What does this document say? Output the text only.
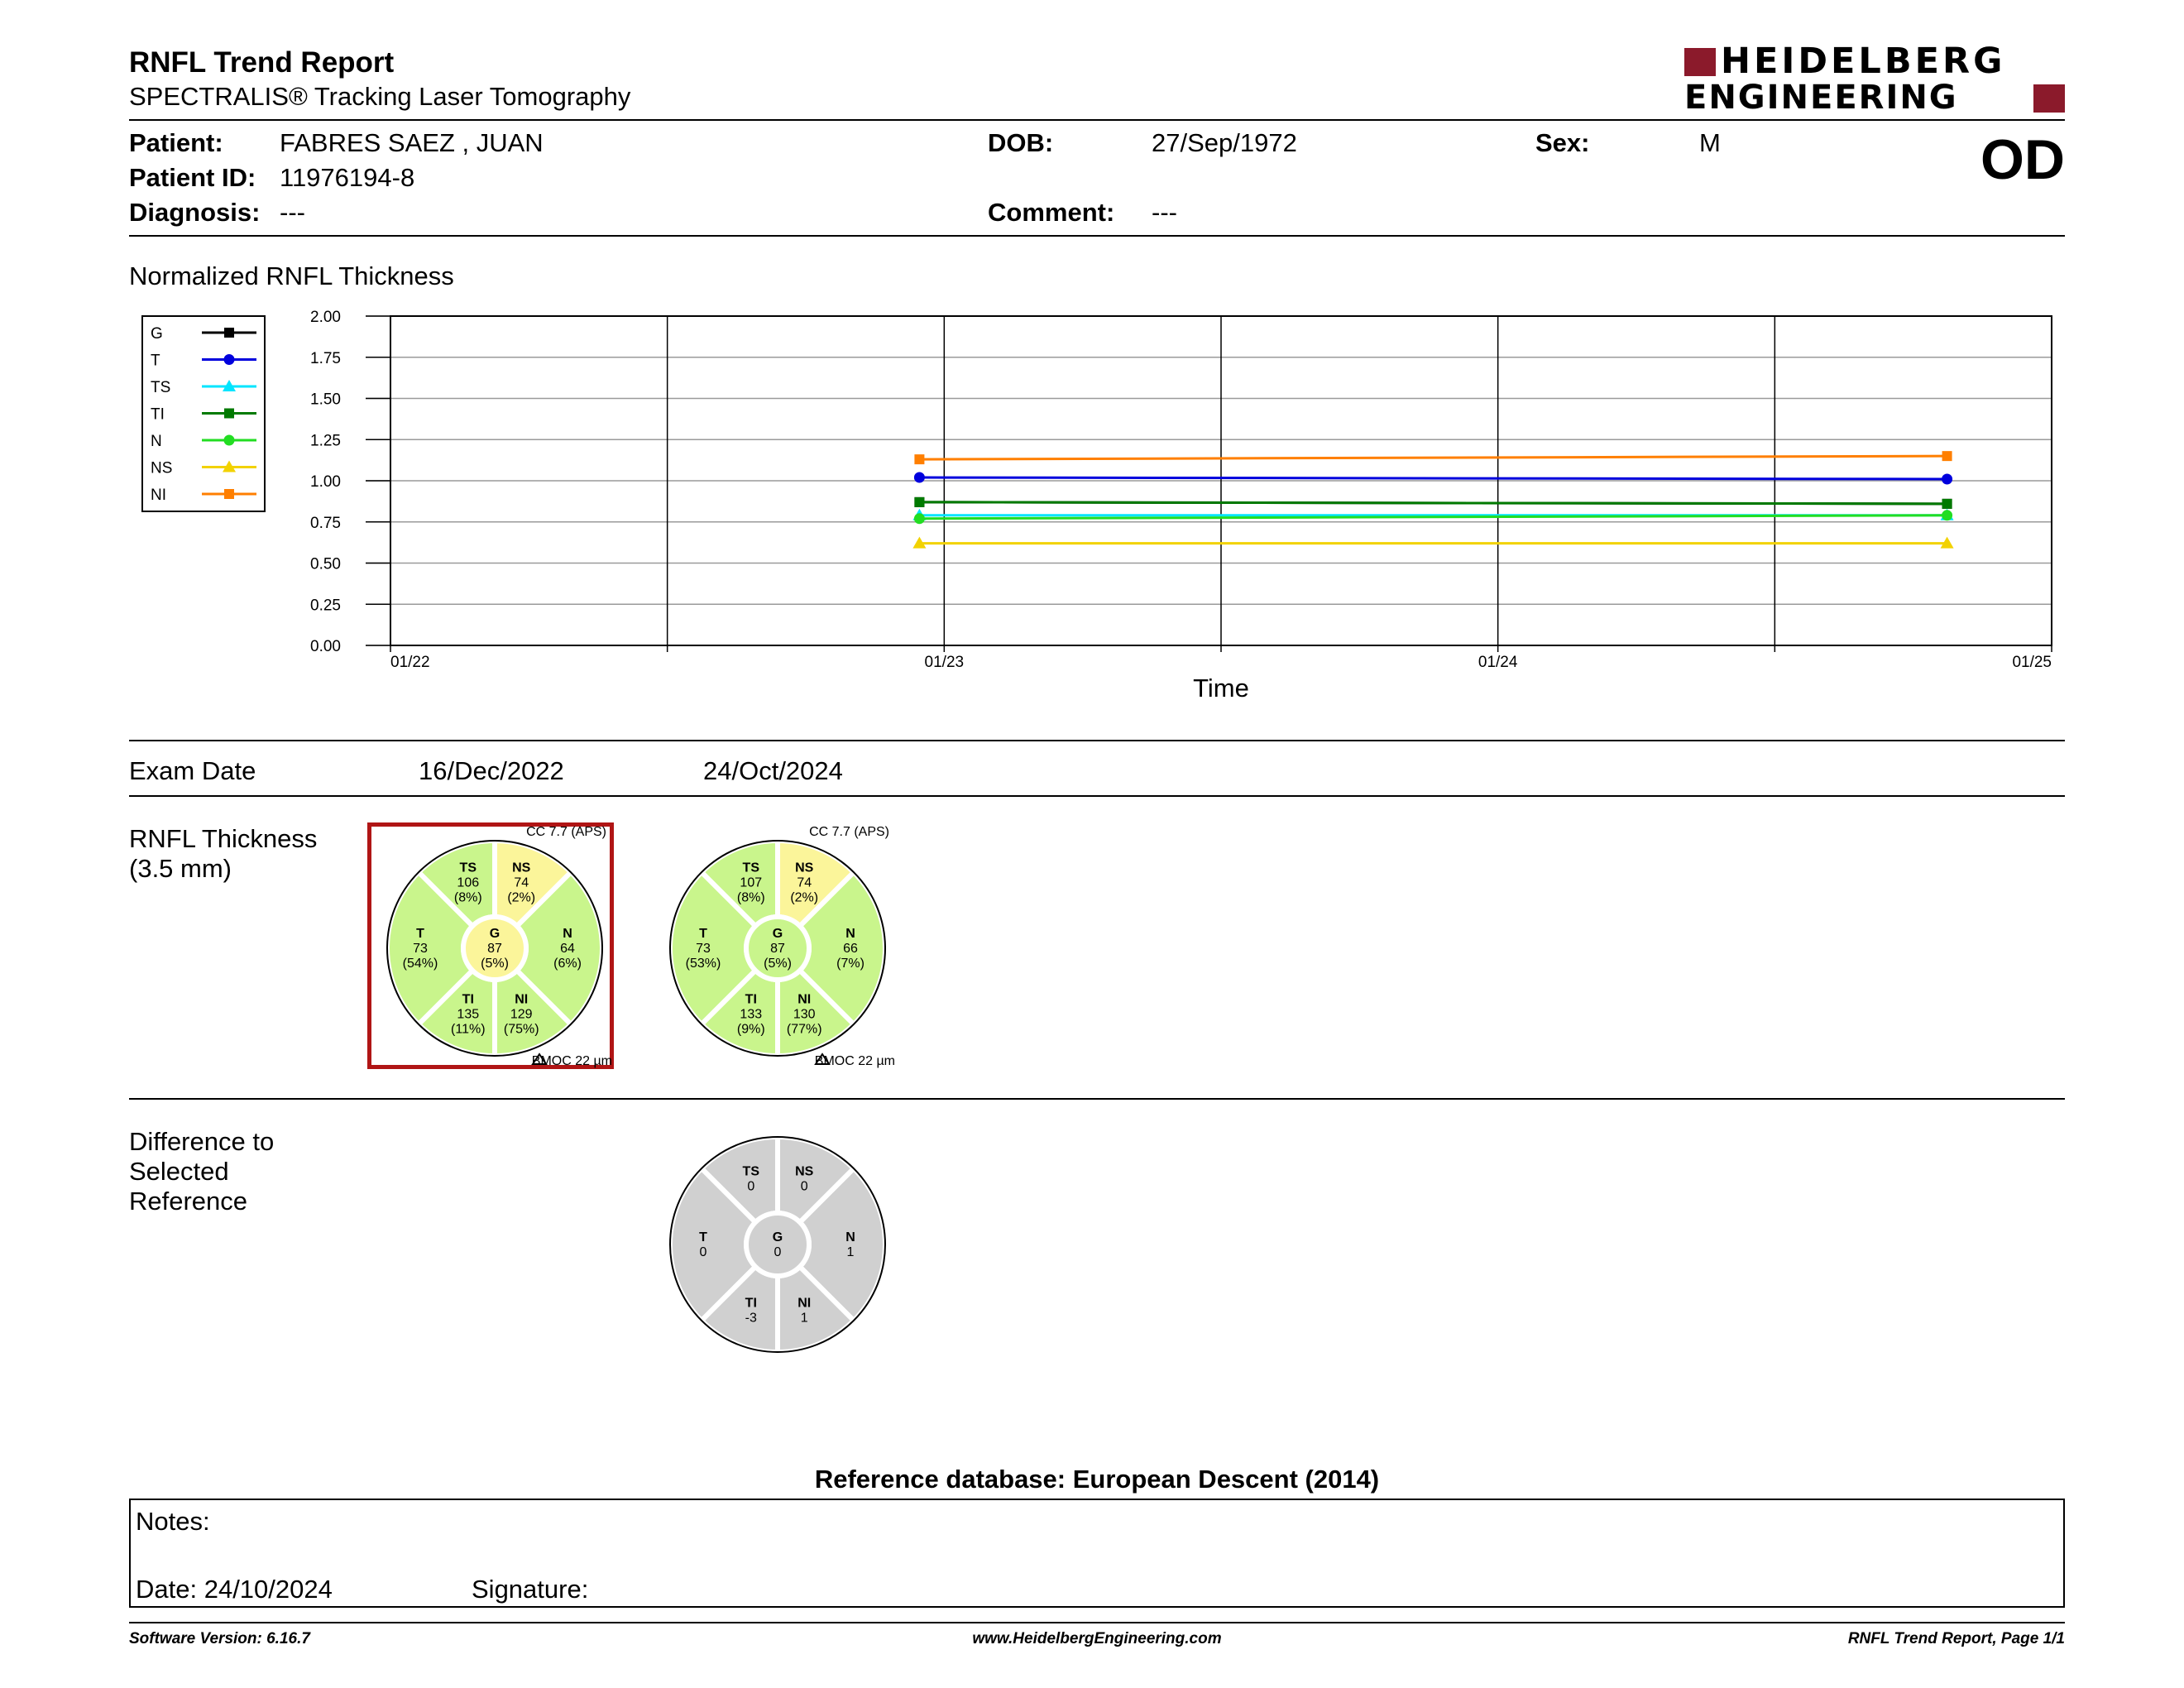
RNFL Trend Report
SPECTRALIS® Tracking Laser Tomography
HEIDELBERG
ENGINEERING
Patient: FABRES SAEZ , JUAN
Patient ID: 11976194-8
Diagnosis: ---
DOB:	27/Sep/1972
Comment: ---
Sex:	M	OD
Normalized RNFL Thickness
2.00
1.75
1.50
1.25
1.00
0.75
0.50
0.25
0.00
01/22	01/23	01/24	01/25
Time
G
T
TS
TI
N
NS
NI
Exam Date	16/Dec/2022	24/Oct/2024
RNFL Thickness
(3.5 mm)
G
87
(5%)
T
73
(54%)
TS
106
(8%)
NS
74
(2%)
N
64
(6%)
NI
129
(75%)
TI
135
(11%)
CC 7.7 (APS)
BMOC 22 µm
G
87
(5%)
T
73
(53%)
TS
107
(8%)
NS
74
(2%)
N
66
(7%)
NI
130
(77%)
TI
133
(9%)
CC 7.7 (APS)
BMOC 22 µm
Difference to
Selected
Reference
G
0
T
0
TS
0
NS
0
N
1
NI
1
TI
-3
Reference database: European Descent (2014)
Notes:
Date: 24/10/2024	Signature:
Software Version: 6.16.7	www.HeidelbergEngineering.com	RNFL Trend Report, Page 1/1
